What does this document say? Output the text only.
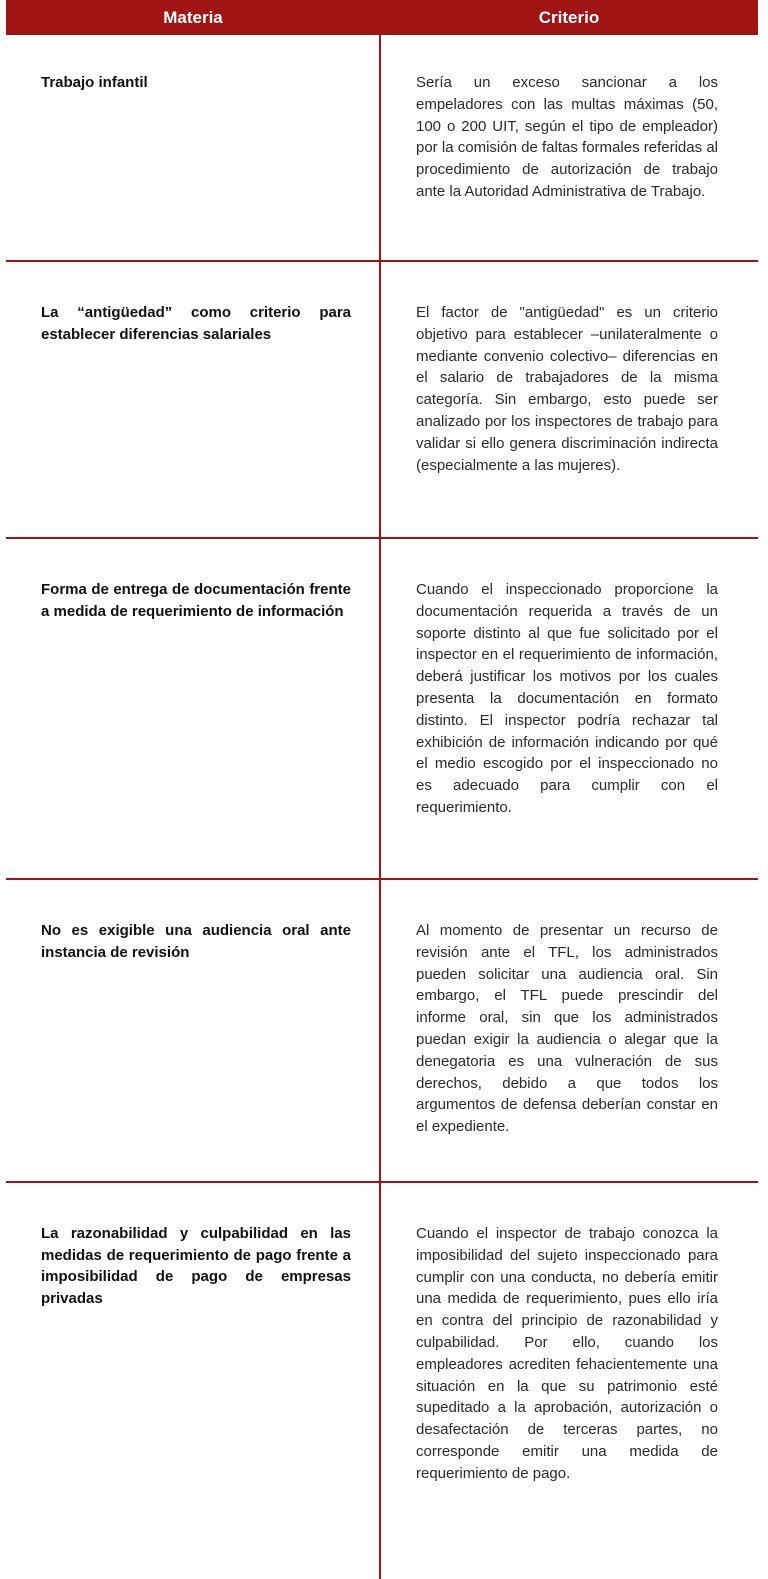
Materia	Criterio
Trabajo infantil	Sería un exceso sancionar a los empeladores con las multas máximas (50, 100 o 200 UIT, según el tipo de empleador) por la comisión de faltas formales referidas al procedimiento de autorización de trabajo ante la Autoridad Administrativa de Trabajo.
La “antigüedad” como criterio para establecer diferencias salariales
El factor de "antigüedad" es un criterio objetivo para establecer –unilateralmente o mediante convenio colectivo– diferencias en el salario de trabajadores de la misma categoría. Sin embargo, esto puede ser analizado por los inspectores de trabajo para validar si ello genera discriminación indirecta (especialmente a las mujeres).
Forma de entrega de documentación frente a medida de requerimiento de información
Cuando el inspeccionado proporcione la documentación requerida a través de un soporte distinto al que fue solicitado por el inspector en el requerimiento de información, deberá justificar los motivos por los cuales presenta la documentación en formato distinto. El inspector podría rechazar tal exhibición de información indicando por qué el medio escogido por el inspeccionado no es adecuado para cumplir con el requerimiento.
No es exigible una audiencia oral ante instancia de revisión
Al momento de presentar un recurso de revisión ante el TFL, los administrados pueden solicitar una audiencia oral. Sin embargo, el TFL puede prescindir del informe oral, sin que los administrados puedan exigir la audiencia o alegar que la denegatoria es una vulneración de sus derechos, debido a que todos los argumentos de defensa deberían constar en el expediente.
La razonabilidad y culpabilidad en las medidas de requerimiento de pago frente a imposibilidad de pago de empresas privadas
Cuando el inspector de trabajo conozca la imposibilidad del sujeto inspeccionado para cumplir con una conducta, no debería emitir una medida de requerimiento, pues ello iría en contra del principio de razonabilidad y culpabilidad. Por ello, cuando los empleadores acrediten fehacientemente una situación en la que su patrimonio esté supeditado a la aprobación, autorización o desafectación de terceras partes, no corresponde emitir una medida de requerimiento de pago.
